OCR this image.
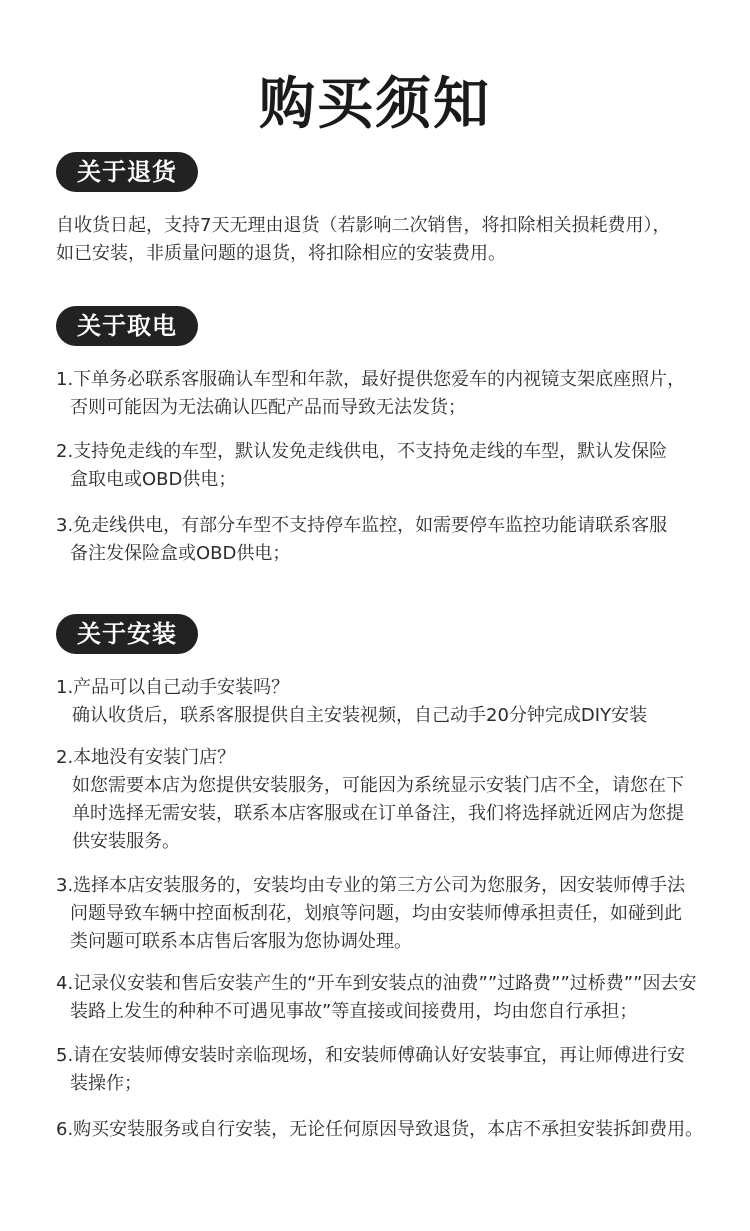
购买须知
关于退货
自收货日起，支持7天无理由退货（若影响二次销售，将扣除相关损耗费用），
如已安装，非质量问题的退货，将扣除相应的安装费用。
关于取电
1.下单务必联系客服确认车型和年款，最好提供您爱车的内视镜支架底座照片，
否则可能因为无法确认匹配产品而导致无法发货；
2.支持免走线的车型，默认发免走线供电，不支持免走线的车型，默认发保险
盒取电或OBD供电；
3.免走线供电，有部分车型不支持停车监控，如需要停车监控功能请联系客服
备注发保险盒或OBD供电；
关于安装
1.产品可以自己动手安装吗？
确认收货后，联系客服提供自主安装视频，自己动手20分钟完成DIY安装
2.本地没有安装门店？
如您需要本店为您提供安装服务，可能因为系统显示安装门店不全，请您在下
单时选择无需安装，联系本店客服或在订单备注，我们将选择就近网店为您提
供安装服务。
3.选择本店安装服务的，安装均由专业的第三方公司为您服务，因安装师傅手法
问题导致车辆中控面板刮花，划痕等问题，均由安装师傅承担责任，如碰到此
类问题可联系本店售后客服为您协调处理。
4.记录仪安装和售后安装产生的“开车到安装点的油费””过路费””过桥费””因去安
装路上发生的种种不可遇见事故”等直接或间接费用，均由您自行承担；
5.请在安装师傅安装时亲临现场，和安装师傅确认好安装事宜，再让师傅进行安
装操作；
6.购买安装服务或自行安装，无论任何原因导致退货，本店不承担安装拆卸费用。
